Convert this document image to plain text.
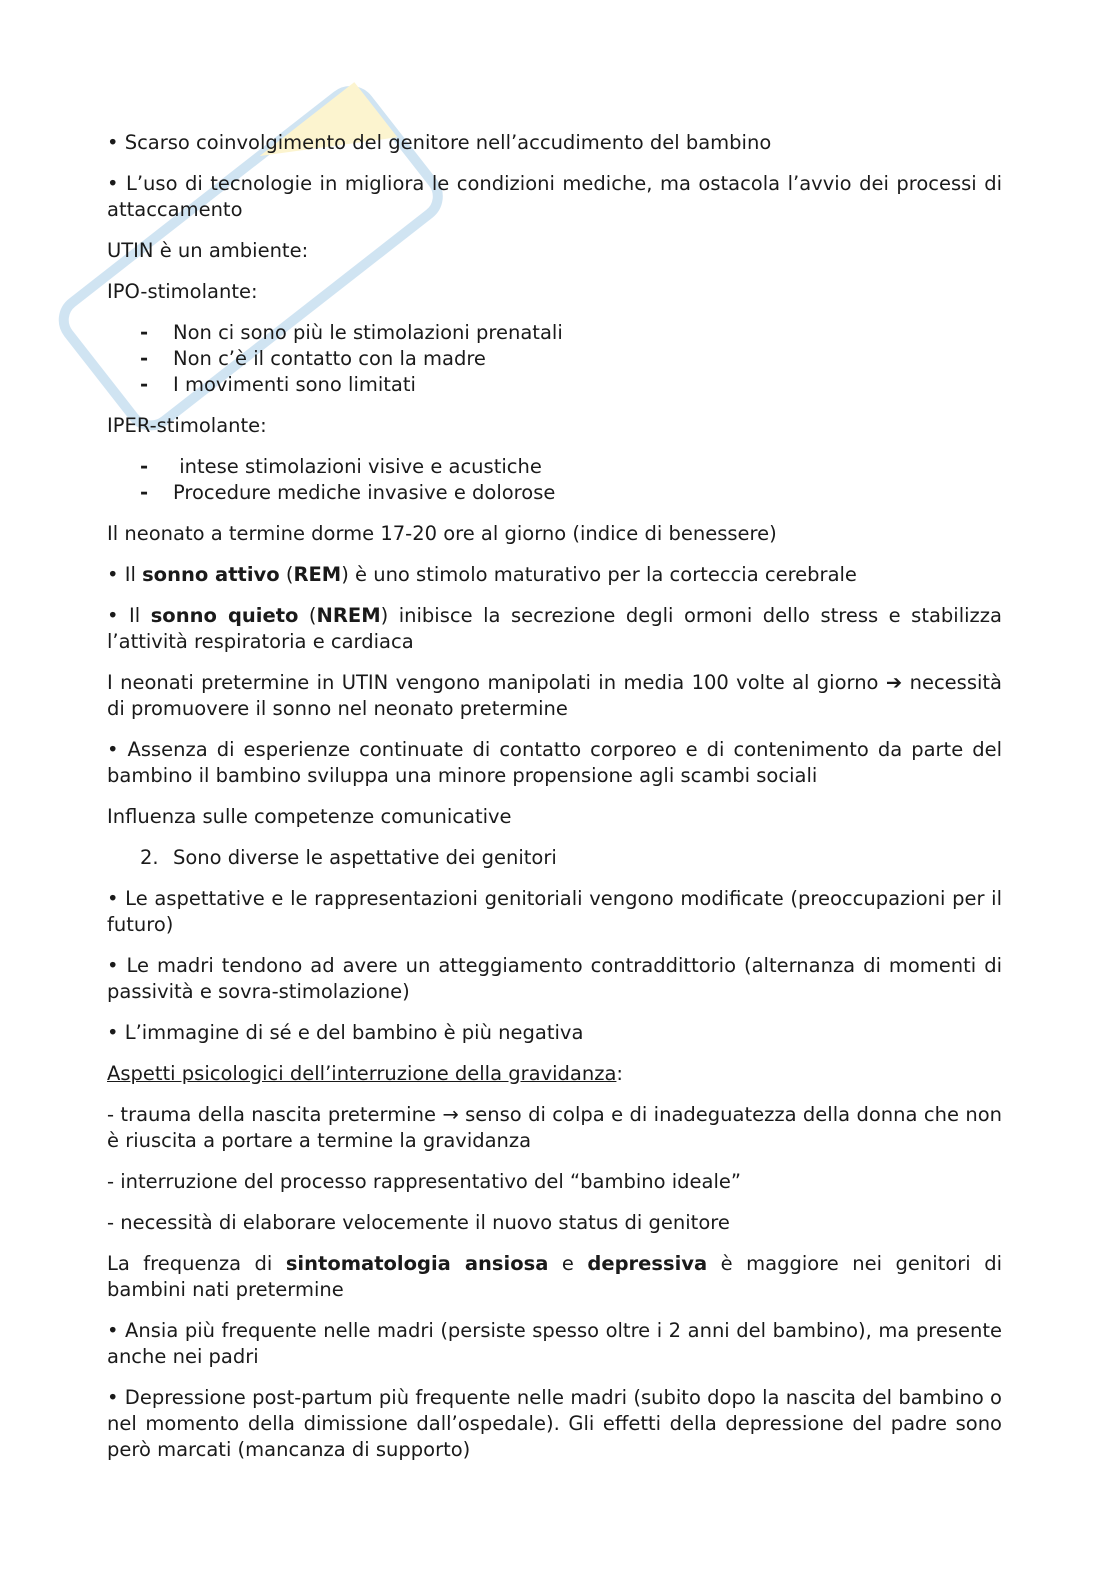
• Scarso coinvolgimento del genitore nell’accudimento del bambino

• L’uso di tecnologie in migliora le condizioni mediche, ma ostacola l’avvio dei processi di attaccamento

UTIN è un ambiente:

IPO-stimolante:

- Non ci sono più le stimolazioni prenatali
- Non c’è il contatto con la madre
- I movimenti sono limitati

IPER-stimolante:

- intese stimolazioni visive e acustiche
- Procedure mediche invasive e dolorose

Il neonato a termine dorme 17-20 ore al giorno (indice di benessere)

• Il sonno attivo (REM) è uno stimolo maturativo per la corteccia cerebrale

• Il sonno quieto (NREM) inibisce la secrezione degli ormoni dello stress e stabilizza l’attività respiratoria e cardiaca

I neonati pretermine in UTIN vengono manipolati in media 100 volte al giorno ➔ necessità di promuovere il sonno nel neonato pretermine

• Assenza di esperienze continuate di contatto corporeo e di contenimento da parte del bambino il bambino sviluppa una minore propensione agli scambi sociali

Influenza sulle competenze comunicative

2. Sono diverse le aspettative dei genitori

• Le aspettative e le rappresentazioni genitoriali vengono modificate (preoccupazioni per il futuro)

• Le madri tendono ad avere un atteggiamento contraddittorio (alternanza di momenti di passività e sovra-stimolazione)

• L’immagine di sé e del bambino è più negativa

Aspetti psicologici dell’interruzione della gravidanza:

- trauma della nascita pretermine → senso di colpa e di inadeguatezza della donna che non è riuscita a portare a termine la gravidanza

- interruzione del processo rappresentativo del “bambino ideale”

- necessità di elaborare velocemente il nuovo status di genitore

La frequenza di sintomatologia ansiosa e depressiva è maggiore nei genitori di bambini nati pretermine

• Ansia più frequente nelle madri (persiste spesso oltre i 2 anni del bambino), ma presente anche nei padri

• Depressione post-partum più frequente nelle madri (subito dopo la nascita del bambino o nel momento della dimissione dall’ospedale). Gli effetti della depressione del padre sono però marcati (mancanza di supporto)
